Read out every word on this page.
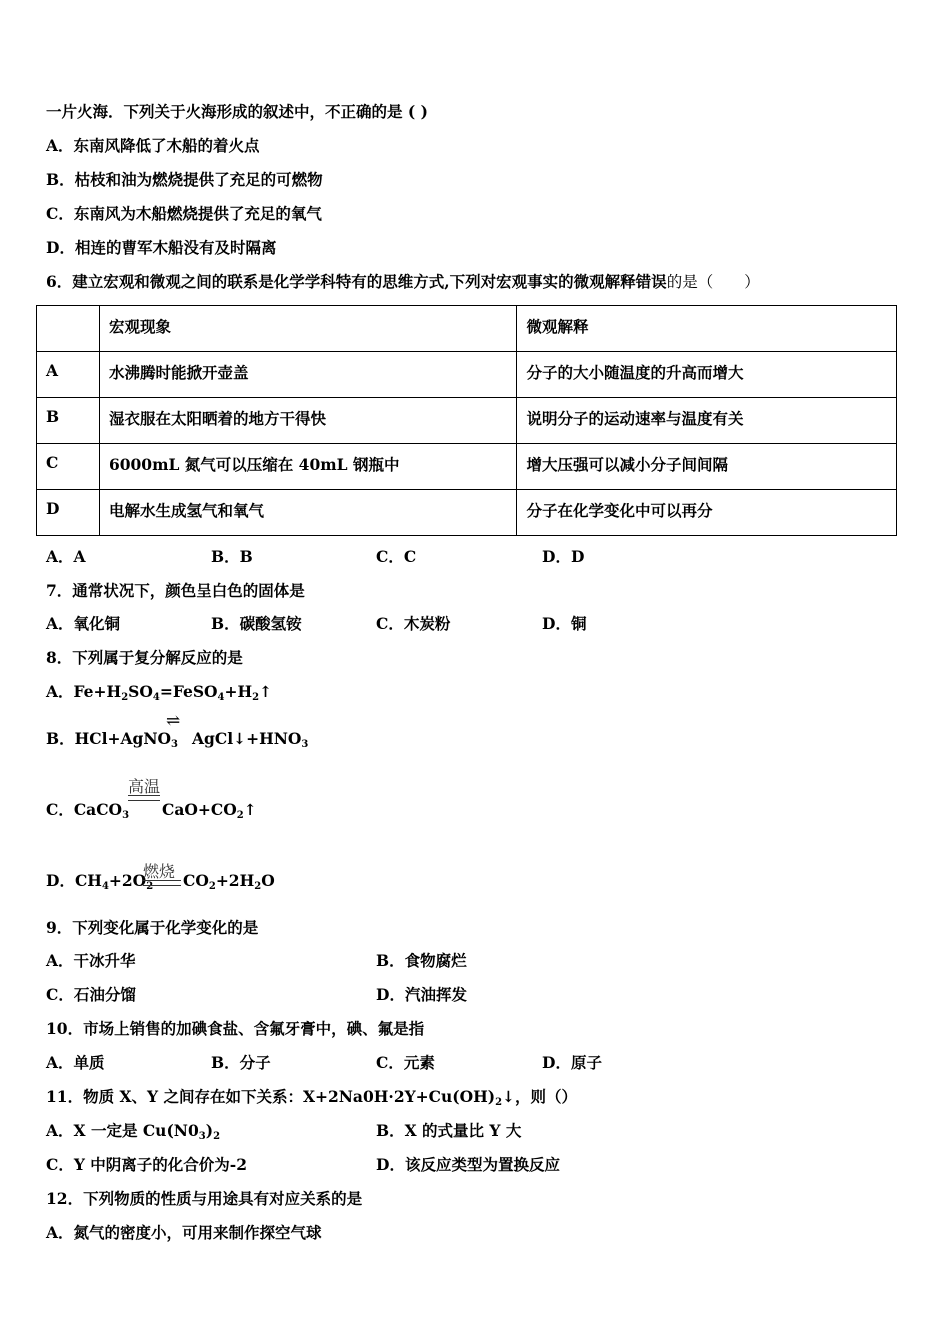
一片火海．下列关于火海形成的叙述中，不正确的是 ( )
A．东南风降低了木船的着火点
B．枯枝和油为燃烧提供了充足的可燃物
C．东南风为木船燃烧提供了充足的氧气
D．相连的曹军木船没有及时隔离
6．建立宏观和微观之间的联系是化学学科特有的思维方式,下列对宏观事实的微观解释错误的是（　　）
	宏观现象	微观解释
A	水沸腾时能掀开壶盖	分子的大小随温度的升高而增大
B	湿衣服在太阳晒着的地方干得快	说明分子的运动速率与温度有关
C	6000mL 氮气可以压缩在 40mL 钢瓶中	增大压强可以减小分子间间隔
D	电解水生成氢气和氧气	分子在化学变化中可以再分
A．A	B．B	C．C	D．D
7．通常状况下，颜色呈白色的固体是
A．氧化铜	B．碳酸氢铵	C．木炭粉	D．铜
8．下列属于复分解反应的是
A．$Fe+H_2SO_4=FeSO_4+H_2↑$
B．HCl+AgNO$_3$
⇌
$AgCl↓+HNO_3$
C．CaCO$_3$
高温
$CaO+CO_2↑$
D．$CH_4+2O_2$
燃烧 $CO_2+2H_2O$
9．下列变化属于化学变化的是
A．干冰升华	B．食物腐烂
C．石油分馏	D．汽油挥发
10．市场上销售的加碘食盐、含氟牙膏中，碘、氟是指
A．单质	B．分子	C．元素	D．原子
11．物质 X、Y 之间存在如下关系：$X+2Na0H\cdot 2Y+Cu(OH)_2↓$，则（）
A．X 一定是 $Cu(N0_3)_2$	B．X 的式量比 Y 大
C．Y 中阴离子的化合价为-2	D．该反应类型为置换反应
12．下列物质的性质与用途具有对应关系的是
A．氮气的密度小，可用来制作探空气球
